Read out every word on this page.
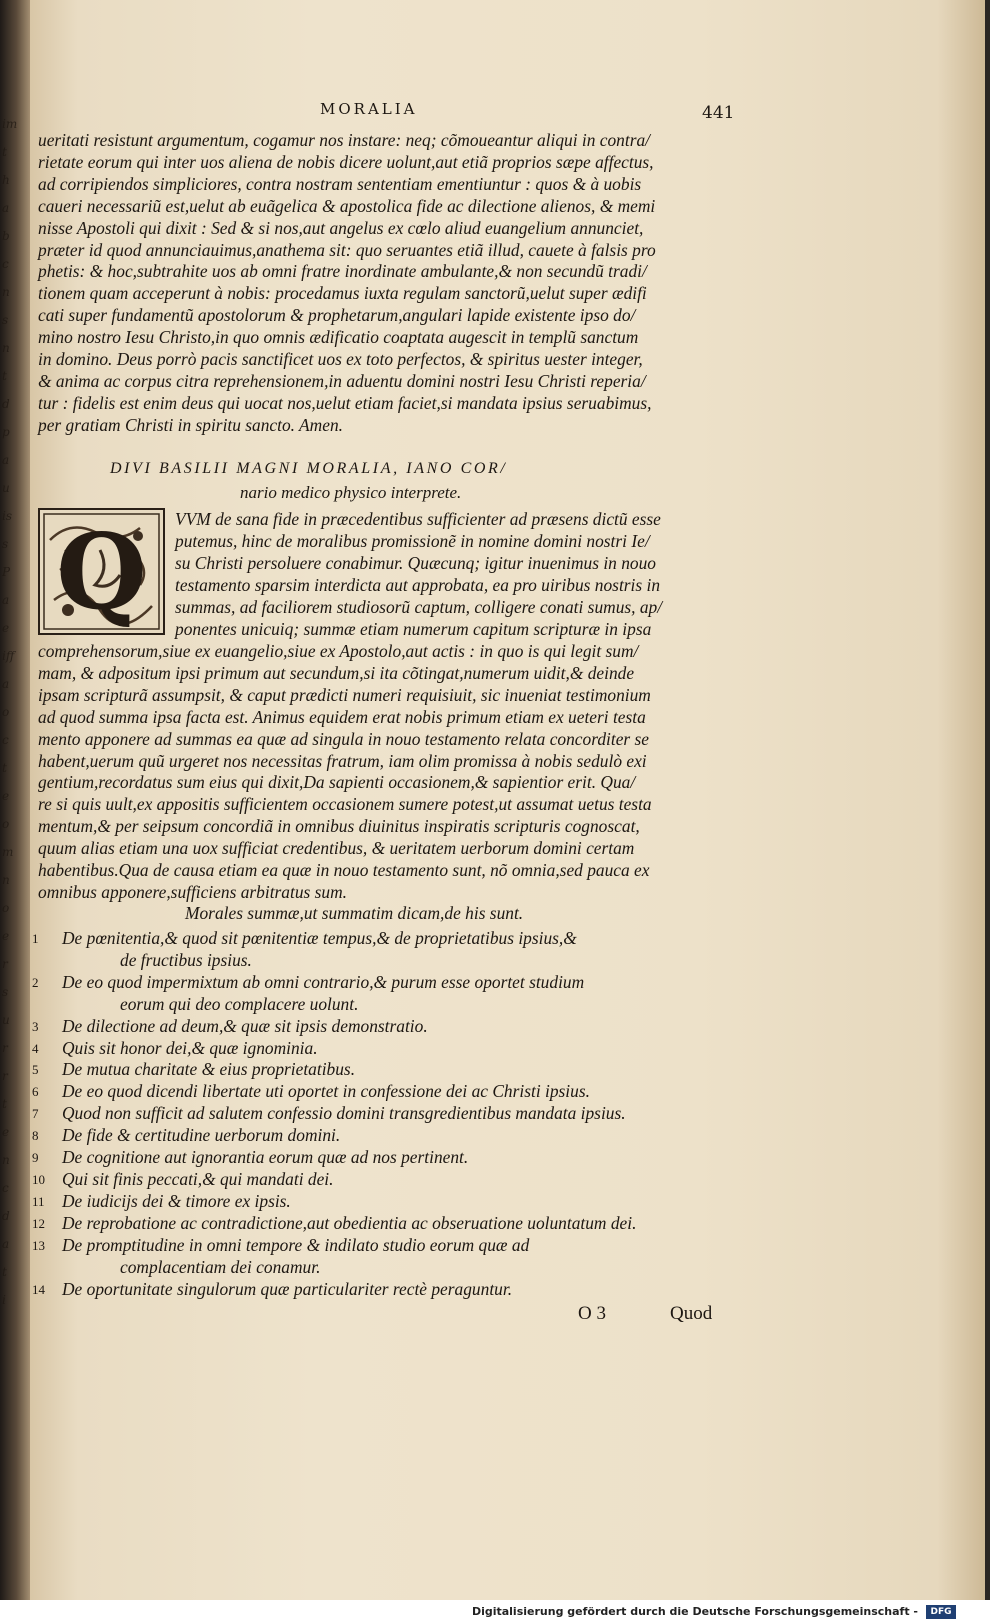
im
t
h
a
b
c
n
s
n
t
d
p
a
u
is
s
P
a
e
iff
a
o
c
t
e
o
m
n
o
e
r
s
u
r
r
t
e
n
c
d
a
t
i
MORALIA	441
ueritati resistunt argumentum, cogamur nos instare: neq; cõmoueantur aliqui in contra/
rietate eorum qui inter uos aliena de nobis dicere uolunt,aut etiã proprios sæpe affectus,
ad corripiendos simpliciores, contra nostram sententiam ementiuntur : quos & à uobis
caueri necessariũ est,uelut ab euãgelica & apostolica fide ac dilectione alienos, & memi
nisse Apostoli qui dixit : Sed & si nos,aut angelus ex cœlo aliud euangelium annunciet,
præter id quod annunciauimus,anathema sit: quo seruantes etiã illud, cauete à falsis pro
phetis: & hoc,subtrahite uos ab omni fratre inordinate ambulante,& non secundũ tradi/
tionem quam acceperunt à nobis: procedamus iuxta regulam sanctorũ,uelut super ædifi
cati super fundamentũ apostolorum & prophetarum,angulari lapide existente ipso do/
mino nostro Iesu Christo,in quo omnis ædificatio coaptata augescit in templũ sanctum
in domino. Deus porrò pacis sanctificet uos ex toto perfectos, & spiritus uester integer,
& anima ac corpus citra reprehensionem,in aduentu domini nostri Iesu Christi reperia/
tur : fidelis est enim deus qui uocat nos,uelut etiam faciet,si mandata ipsius seruabimus,
per gratiam Christi in spiritu sancto. Amen.
DIVI BASILII MAGNI MORALIA, IANO COR/
nario medico physico interprete.
Q	VVM de sana fide in præcedentibus sufficienter ad præsens dictũ esse
putemus, hinc de moralibus promissionẽ in nomine domini nostri Ie/
su Christi persoluere conabimur. Quæcunq; igitur inuenimus in nouo
testamento sparsim interdicta aut approbata, ea pro uiribus nostris in
summas, ad faciliorem studiosorũ captum, colligere conati sumus, ap/
ponentes unicuiq; summæ etiam numerum capitum scripturæ in ipsa
comprehensorum,siue ex euangelio,siue ex Apostolo,aut actis : in quo is qui legit sum/
mam, & adpositum ipsi primum aut secundum,si ita cõtingat,numerum uidit,& deinde
ipsam scripturã assumpsit, & caput prædicti numeri requisiuit, sic inueniat testimonium
ad quod summa ipsa facta est. Animus equidem erat nobis primum etiam ex ueteri testa
mento apponere ad summas ea quæ ad singula in nouo testamento relata concorditer se
habent,uerum quũ urgeret nos necessitas fratrum, iam olim promissa à nobis sedulò exi
gentium,recordatus sum eius qui dixit,Da sapienti occasionem,& sapientior erit. Qua/
re si quis uult,ex appositis sufficientem occasionem sumere potest,ut assumat uetus testa
mentum,& per seipsum concordiã in omnibus diuinitus inspiratis scripturis cognoscat,
quum alias etiam una uox sufficiat credentibus, & ueritatem uerborum domini certam
habentibus.Qua de causa etiam ea quæ in nouo testamento sunt, nõ omnia,sed pauca ex
omnibus apponere,sufficiens arbitratus sum.
Morales summæ,ut summatim dicam,de his sunt.
1	De pœnitentia,& quod sit pœnitentiæ tempus,& de proprietatibus ipsius,&
de fructibus ipsius.
2	De eo quod impermixtum ab omni contrario,& purum esse oportet studium
eorum qui deo complacere uolunt.
3	De dilectione ad deum,& quæ sit ipsis demonstratio.
4	Quis sit honor dei,& quæ ignominia.
5	De mutua charitate & eius proprietatibus.
6	De eo quod dicendi libertate uti oportet in confessione dei ac Christi ipsius.
7	Quod non sufficit ad salutem confessio domini transgredientibus mandata ipsius.
8	De fide & certitudine uerborum domini.
9	De cognitione aut ignorantia eorum quæ ad nos pertinent.
10 Qui sit finis peccati,& qui mandati dei.
11	De iudicijs dei & timore ex ipsis.
12 De reprobatione ac contradictione,aut obedientia ac obseruatione uoluntatum dei.
13 De promptitudine in omni tempore & indilato studio eorum quæ ad
complacentiam dei conamur.
14 De oportunitate singulorum quæ particulariter rectè peraguntur.
O 3	Quod
Digitalisierung gefördert durch die Deutsche Forschungsgemeinschaft -	DFG
